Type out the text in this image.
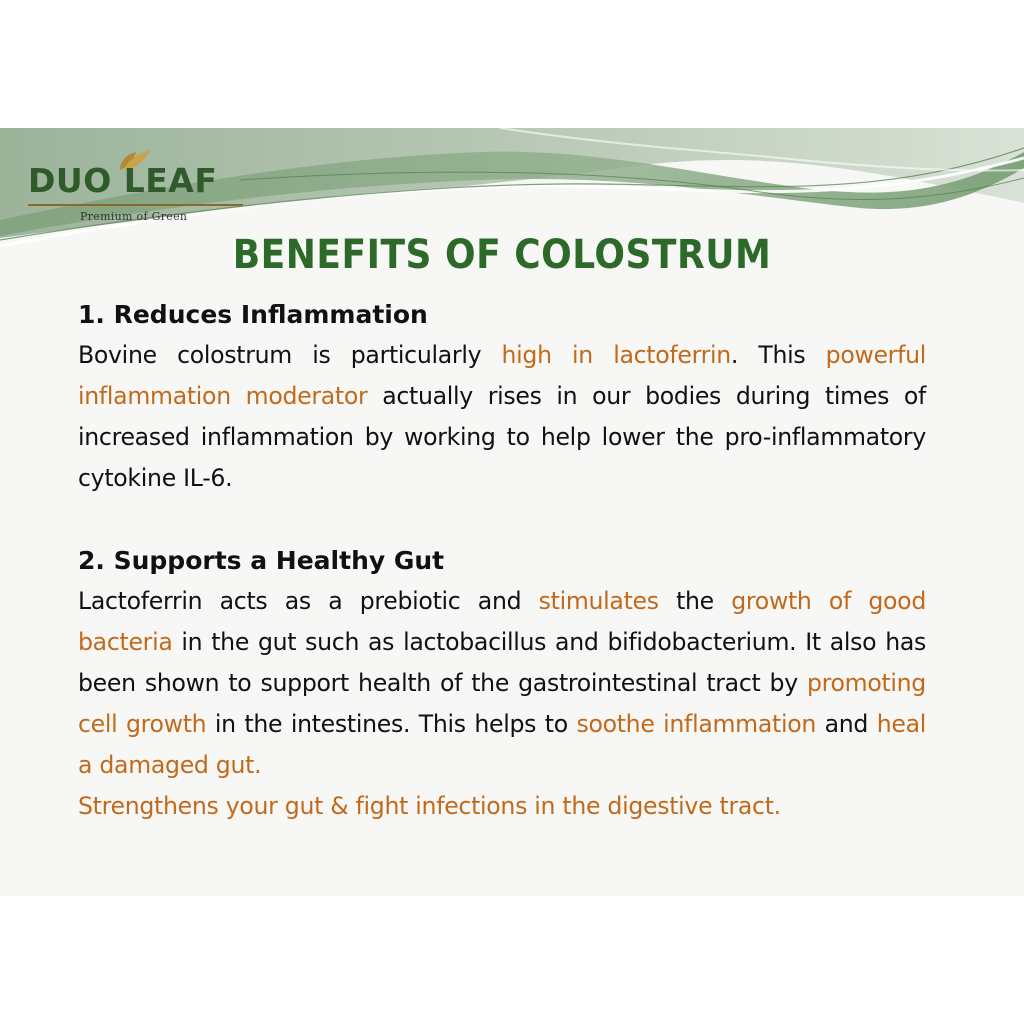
DUO LEAF
Premium of Green
BENEFITS OF COLOSTRUM

1. Reduces Inflammation

Bovine colostrum is particularly high in lactoferrin. This powerful inflammation moderator actually rises in our bodies during times of increased inflammation by working to help lower the pro-inflammatory cytokine IL-6.

2. Supports a Healthy Gut

Lactoferrin acts as a prebiotic and stimulates the growth of good bacteria in the gut such as lactobacillus and bifidobacterium. It also has been shown to support health of the gastrointestinal tract by promoting cell growth in the intestines. This helps to soothe inflammation and heal a damaged gut.

Strengthens your gut & fight infections in the digestive tract.
